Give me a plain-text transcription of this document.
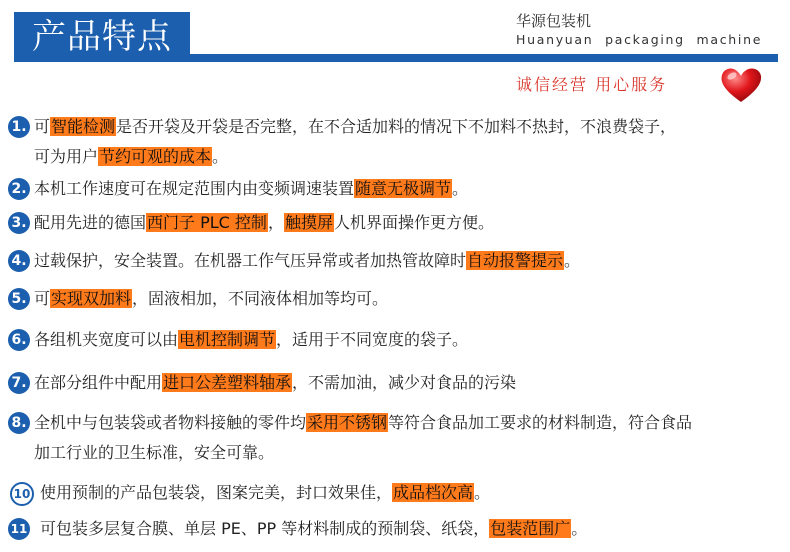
产品特点	华源包装机
Huanyuan packaging machine
诚信经营 用心服务
1. 可智能检测是否开袋及开袋是否完整，在不合适加料的情况下不加料不热封，不浪费袋子，
可为用户节约可观的成本。
2. 本机工作速度可在规定范围内由变频调速装置随意无极调节。
3. 配用先进的德国西门子 PLC 控制，触摸屏人机界面操作更方便。
4. 过载保护，安全装置。在机器工作气压异常或者加热管故障时自动报警提示。
5. 可实现双加料，固液相加，不同液体相加等均可。
6. 各组机夹宽度可以由电机控制调节，适用于不同宽度的袋子。
7. 在部分组件中配用进口公差塑料轴承，不需加油，减少对食品的污染
8. 全机中与包装袋或者物料接触的零件均采用不锈钢等符合食品加工要求的材料制造，符合食品
加工行业的卫生标准，安全可靠。
10 使用预制的产品包装袋，图案完美，封口效果佳，成品档次高。
11 可包装多层复合膜、单层 PE、PP 等材料制成的预制袋、纸袋，包装范围广。
